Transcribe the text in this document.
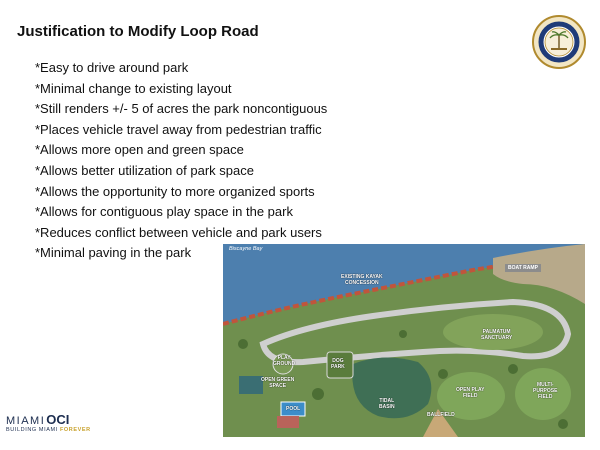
Justification to Modify Loop Road
*Easy to drive around park
*Minimal change to existing layout
*Still renders +/- 5 of acres the park noncontiguous
*Places vehicle travel away from pedestrian traffic
*Allows more open and green space
*Allows better utilization of park space
*Allows the opportunity to more organized sports
*Allows for contiguous play space in the park
*Reduces conflict between vehicle and park users
*Minimal paving in the park	Biscayne Bay
EXISTING KAYAK
CONCESSION
BOAT RAMP
PALMATUM
SANCTUARY
PLAY
GROUND	DOG
PARK
OPEN GREEN
SPACE
TIDAL
BASIN
POOL
OPEN PLAY
FIELD
MULTI-
PURPOSE
FIELD
BALLFIELD
MIAMI OCI
BUILDING MIAMI FOREVER
